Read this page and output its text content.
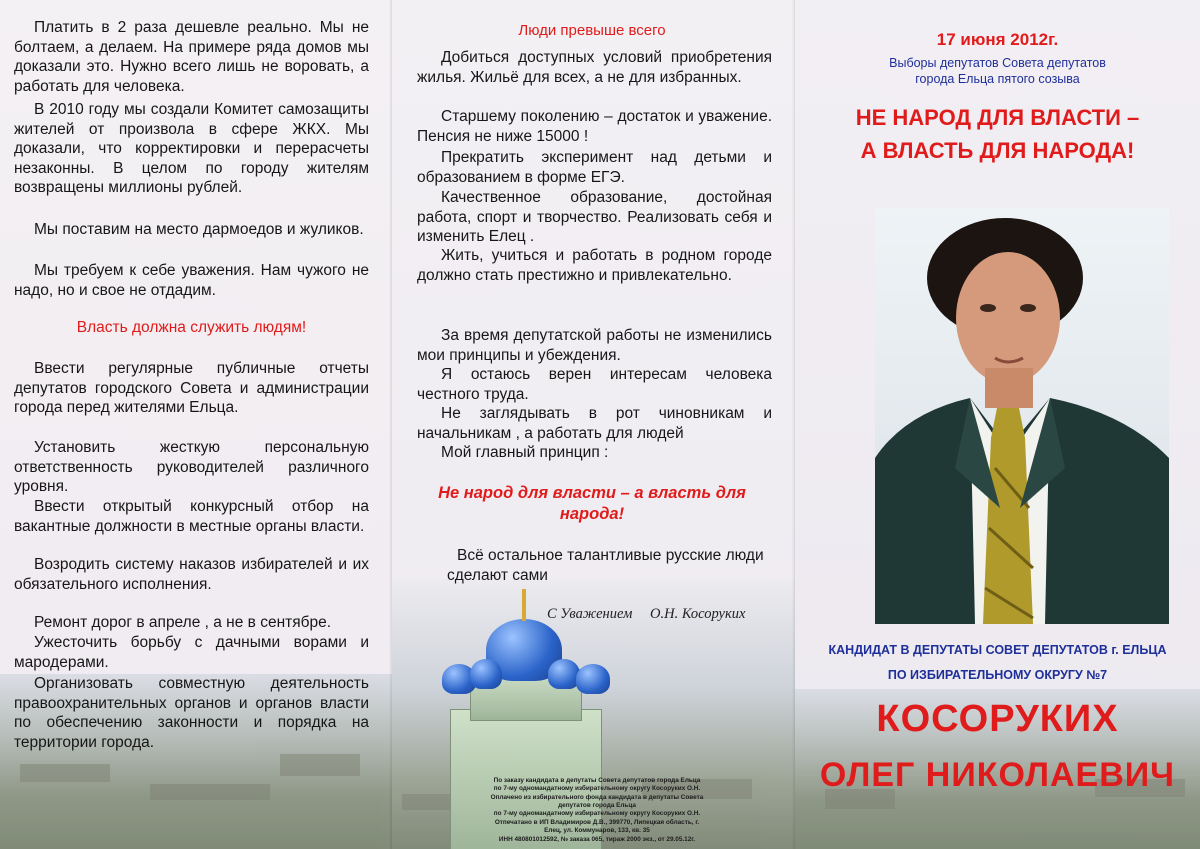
Платить в 2 раза дешевле реально. Мы не болтаем, а делаем. На примере ряда домов мы доказали это. Нужно всего лишь не воровать, а работать для человека.

В 2010 году мы создали Комитет самозащиты жителей от произвола в сфере ЖКХ. Мы доказали, что корректировки и перерасчеты незаконны. В целом по городу жителям возвращены миллионы рублей.

Мы поставим на место дармоедов и жуликов.

Мы требуем к себе уважения. Нам чужого не надо, но и свое не отдадим.

Власть должна служить людям!

Ввести регулярные публичные отчеты депутатов городского Совета и администрации города перед жителями Ельца.

Установить жесткую персональную ответственность руководителей различного уровня.

Ввести открытый конкурсный отбор на вакантные должности в местные органы власти.

Возродить систему наказов избирателей и их обязательного исполнения.

Ремонт дорог в апреле , а не в сентябре.

Ужесточить борьбу с дачными ворами и мародерами.

Организовать совместную деятельность правоохранительных органов и органов власти по обеспечению законности и порядка на территории города.

Люди превыше всего

Добиться доступных условий приобретения жилья. Жильё для всех, а не для избранных.

Старшему поколению – достаток и уважение. Пенсия не ниже 15000 !

Прекратить эксперимент над детьми и образованием в форме ЕГЭ.

Качественное образование, достойная работа, спорт и творчество. Реализовать себя и изменить Елец .

Жить, учиться и работать в родном городе должно стать престижно и привлекательно.

За время депутатской работы не изменились мои принципы и убеждения.

Я остаюсь верен интересам человека честного труда.

Не заглядывать в рот чиновникам и начальникам , а работать для людей

Мой главный принцип :

Не народ для власти – а власть для народа!

Всё остальное талантливые русские люди сделают сами

С Уважением О.Н. Косоруких
По заказу кандидата в депутаты Совета депутатов города Ельца
по 7-му одномандатному избирательному округу Косоруких О.Н.
Оплачено из избирательного фонда кандидата в депутаты Совета депутатов города Ельца
по 7-му одномандатному избирательному округу Косоруких О.Н.
Отпечатано в ИП Владимиров Д.В., 399770, Липецкая область, г. Елец, ул. Коммунаров, 133, кв. 35
ИНН 480801012592, № заказа 065, тираж 2000 экз., от 29.05.12г.
17 июня 2012г.
Выборы депутатов Совета депутатов
города Ельца пятого созыва
НЕ НАРОД ДЛЯ ВЛАСТИ –
А ВЛАСТЬ ДЛЯ НАРОДА!
КАНДИДАТ В ДЕПУТАТЫ СОВЕТ ДЕПУТАТОВ г. ЕЛЬЦА
ПО ИЗБИРАТЕЛЬНОМУ ОКРУГУ №7
КОСОРУКИХ
ОЛЕГ НИКОЛАЕВИЧ
